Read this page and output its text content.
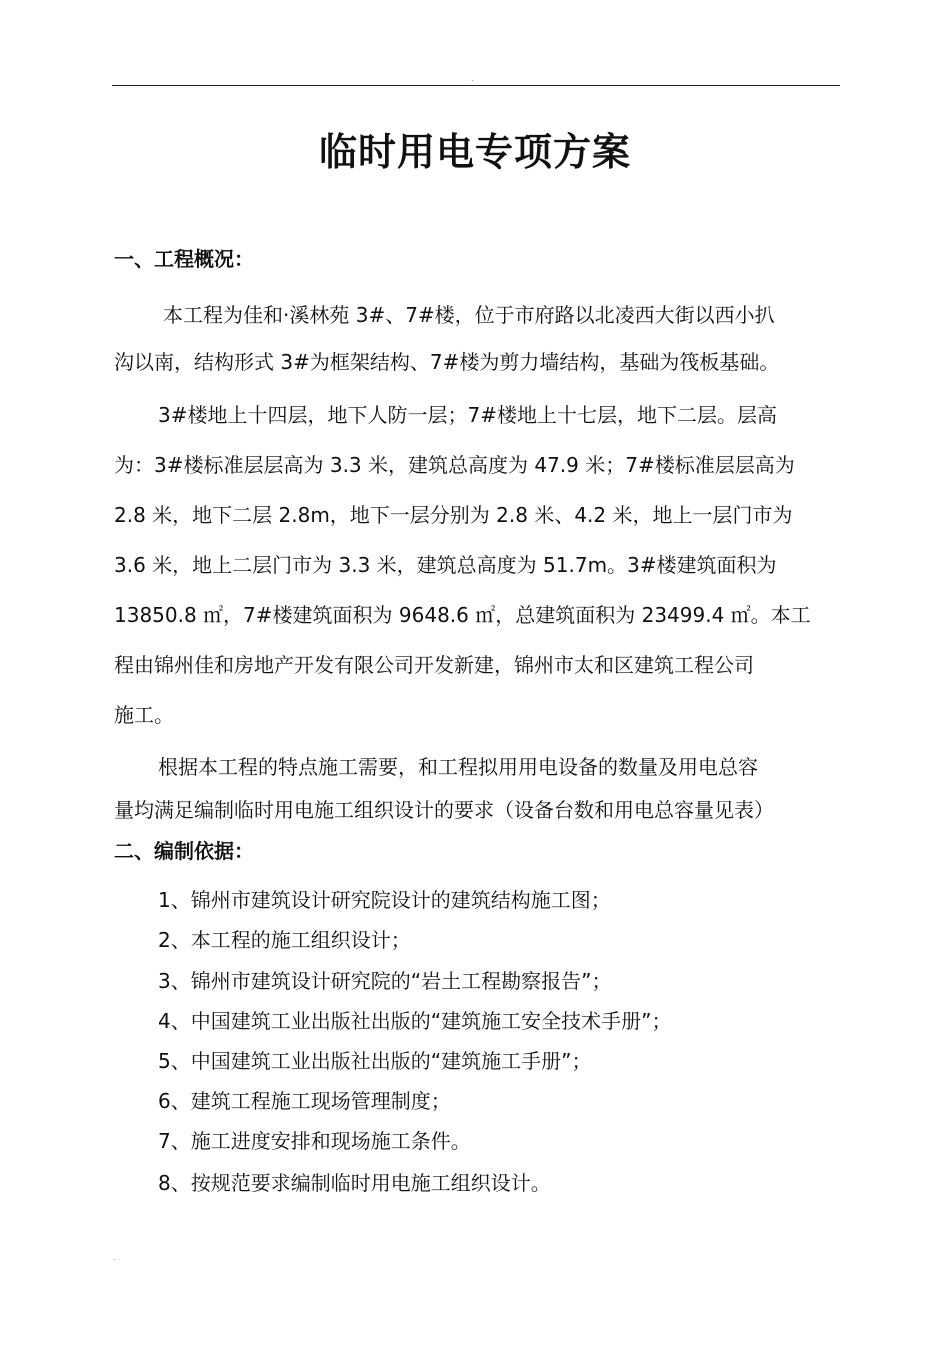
.
临时用电专项方案
一、工程概况：
本工程为佳和·溪林苑 3#、7#楼，位于市府路以北凌西大街以西小扒
沟以南，结构形式 3#为框架结构、7#楼为剪力墙结构，基础为筏板基础。
3#楼地上十四层，地下人防一层；7#楼地上十七层，地下二层。层高
为：3#楼标准层层高为 3.3 米，建筑总高度为 47.9 米；7#楼标准层层高为
2.8 米，地下二层 2.8m，地下一层分别为 2.8 米、4.2 米，地上一层门市为
3.6 米，地上二层门市为 3.3 米，建筑总高度为 51.7m。3#楼建筑面积为
13850.8 ㎡，7#楼建筑面积为 9648.6 ㎡，总建筑面积为 23499.4 ㎡。本工
程由锦州佳和房地产开发有限公司开发新建，锦州市太和区建筑工程公司
施工。
根据本工程的特点施工需要，和工程拟用用电设备的数量及用电总容
量均满足编制临时用电施工组织设计的要求（设备台数和用电总容量见表）
二、编制依据：
1、锦州市建筑设计研究院设计的建筑结构施工图；
2、本工程的施工组织设计；
3、锦州市建筑设计研究院的“岩土工程勘察报告”；
4、中国建筑工业出版社出版的“建筑施工安全技术手册”；
5、中国建筑工业出版社出版的“建筑施工手册”；
6、建筑工程施工现场管理制度；
7、施工进度安排和现场施工条件。
8、按规范要求编制临时用电施工组织设计。
.
